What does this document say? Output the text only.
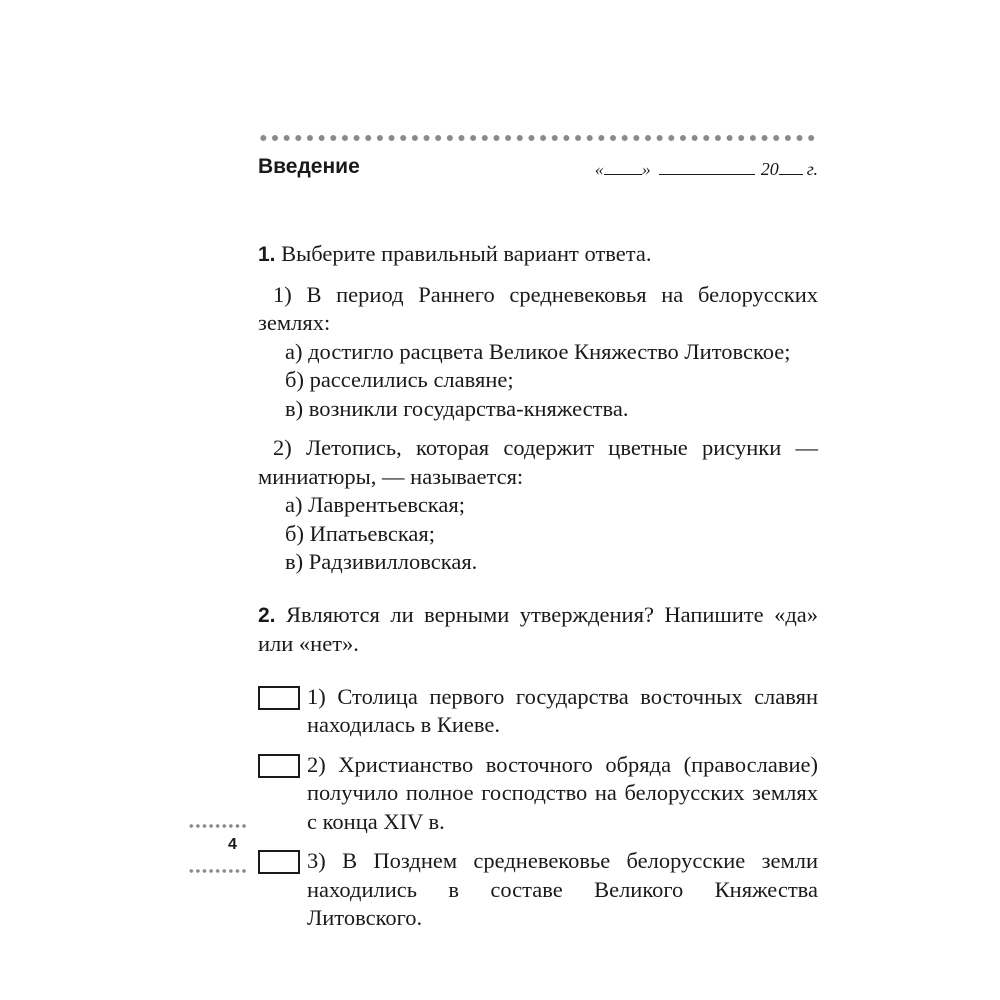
Введение	« »	20 г.

1. Выберите правильный вариант ответа.

1) В период Раннего средневековья на белорусских землях:

а) достигло расцвета Великое Княжество Литовское;

б) расселились славяне;

в) возникли государства-княжества.

2) Летопись, которая содержит цветные рисунки — миниатюры, — называется:

а) Лаврентьевская;

б) Ипатьевская;

в) Радзивилловская.

2. Являются ли верными утверждения? Напишите «да» или «нет».

1) Столица первого государства восточных славян находилась в Киеве.

2) Христианство восточного обряда (православие) получило полное господство на белорусских землях с конца XIV в.

3) В Позднем средневековье белорусские земли находились в составе Великого Княжества Литовского.

4
